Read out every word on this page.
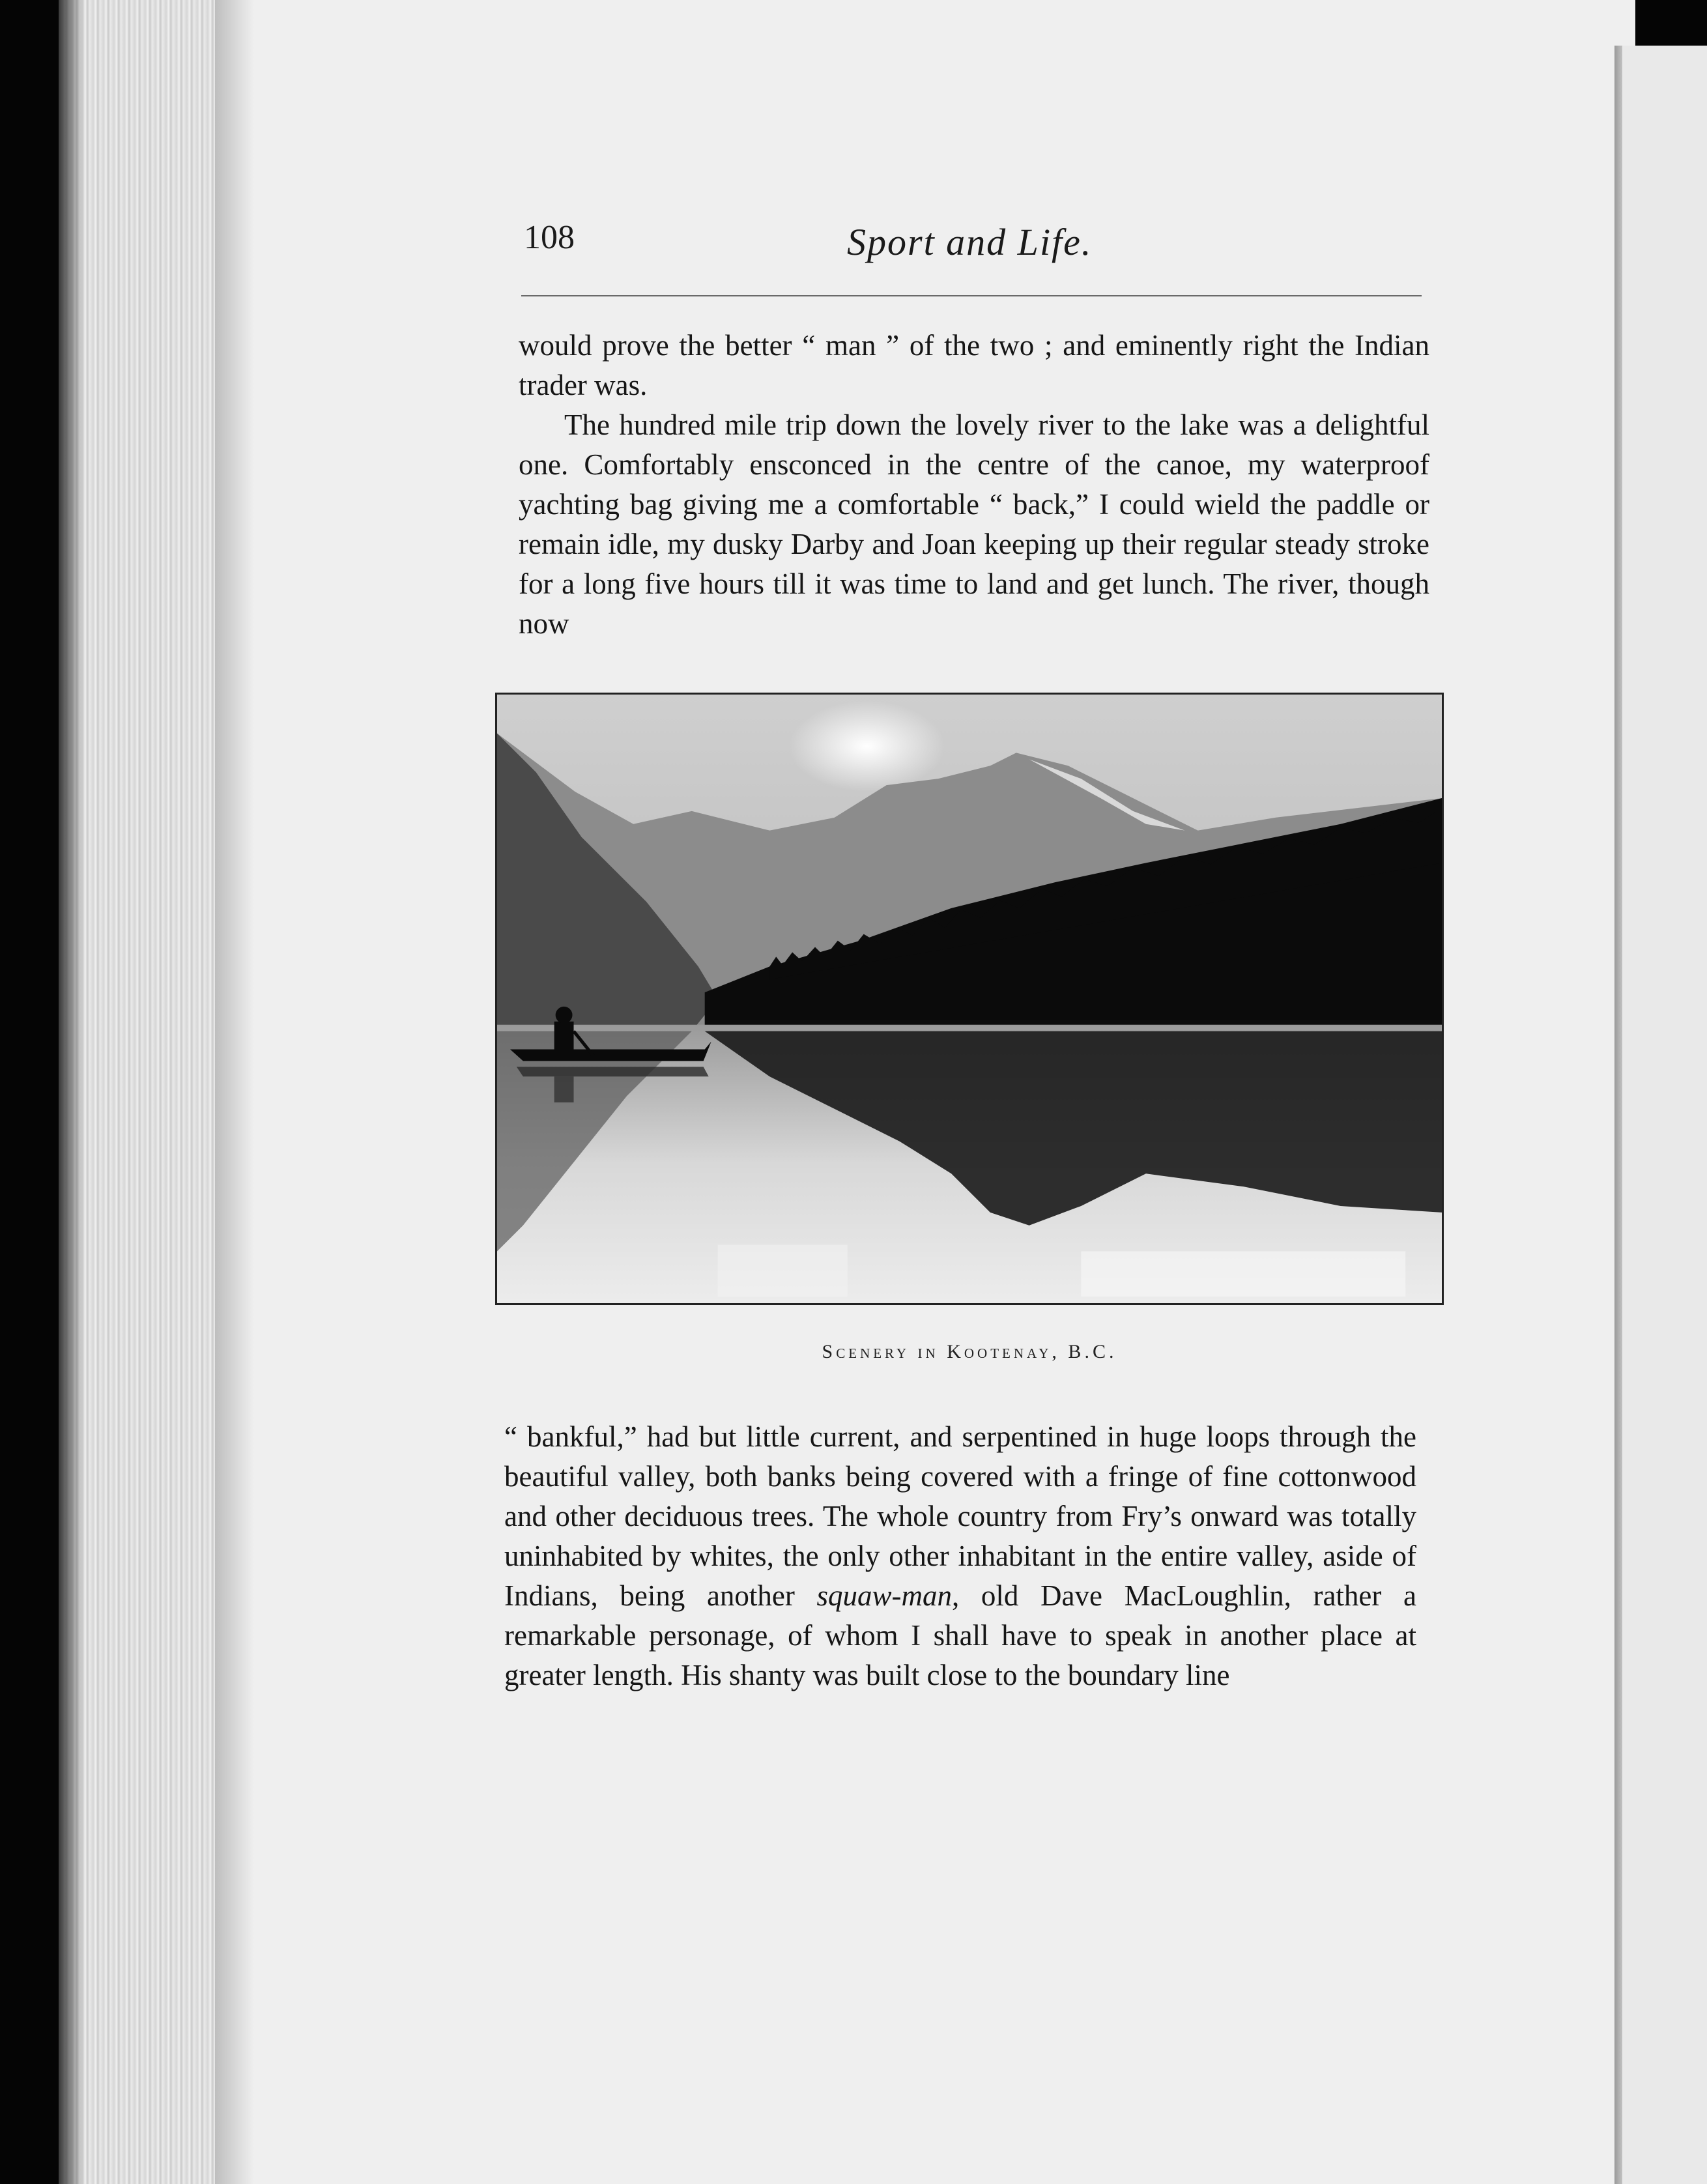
108	Sport and Life.

would prove the better “ man ” of the two ; and eminently right the Indian trader was.

The hundred mile trip down the lovely river to the lake was a delightful one. Comfortably ensconced in the centre of the canoe, my waterproof yachting bag giving me a comfortable “ back,” I could wield the paddle or remain idle, my dusky Darby and Joan keeping up their regular steady stroke for a long five hours till it was time to land and get lunch. The river, though now

Scenery in Kootenay, B.C.

“ bankful,” had but little current, and serpentined in huge loops through the beautiful valley, both banks being covered with a fringe of fine cottonwood and other deciduous trees. The whole country from Fry’s onward was totally uninhabited by whites, the only other inhabitant in the entire valley, aside of Indians, being another squaw-man, old Dave MacLoughlin, rather a remarkable personage, of whom I shall have to speak in another place at greater length. His shanty was built close to the boundary line
